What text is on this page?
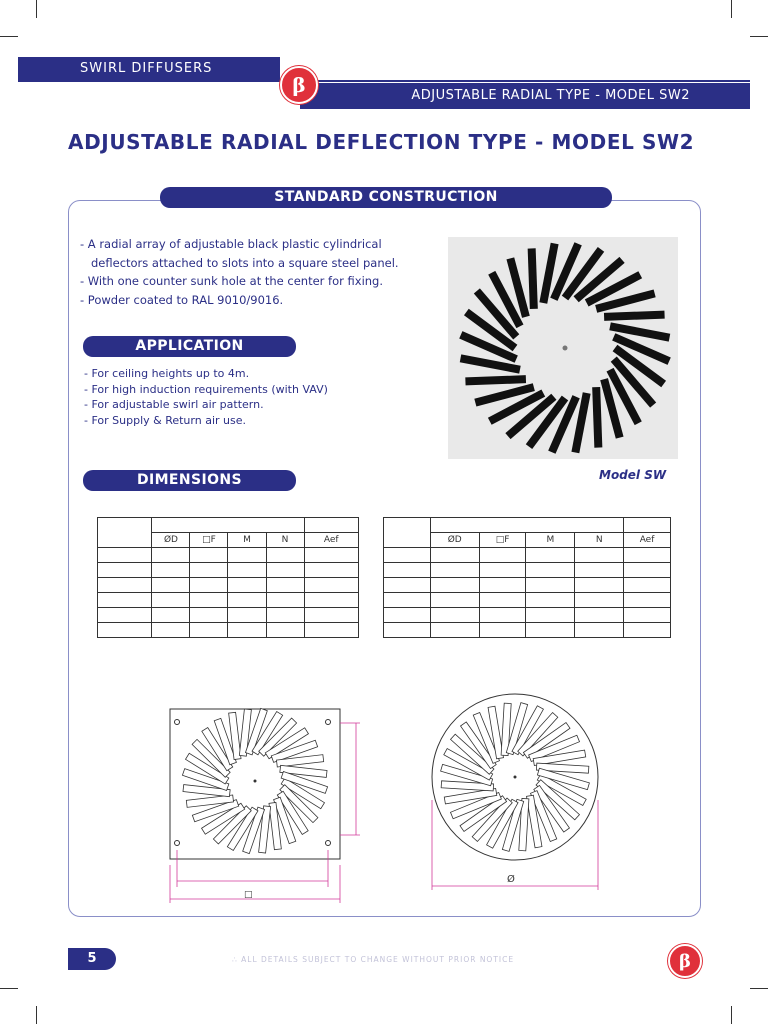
SWIRL DIFFUSERS
ADJUSTABLE RADIAL TYPE - MODEL SW2
β
ADJUSTABLE RADIAL DEFLECTION TYPE - MODEL SW2
STANDARD CONSTRUCTION
- A radial array of adjustable black plastic cylindrical
deflectors attached to slots into a square steel panel.
- With one counter sunk hole at the center for fixing.
- Powder coated to RAL 9010/9016.
Model SW
APPLICATION
- For ceiling heights up to 4m.
- For high induction requirements (with VAV)
- For adjustable swirl air pattern.
- For Supply & Return air use.
DIMENSIONS

	ØD	□F	M	N	Aef

	ØD	□F	M	N	Aef

□
Ø
5	∴ ALL DETAILS SUBJECT TO CHANGE WITHOUT PRIOR NOTICE	β
